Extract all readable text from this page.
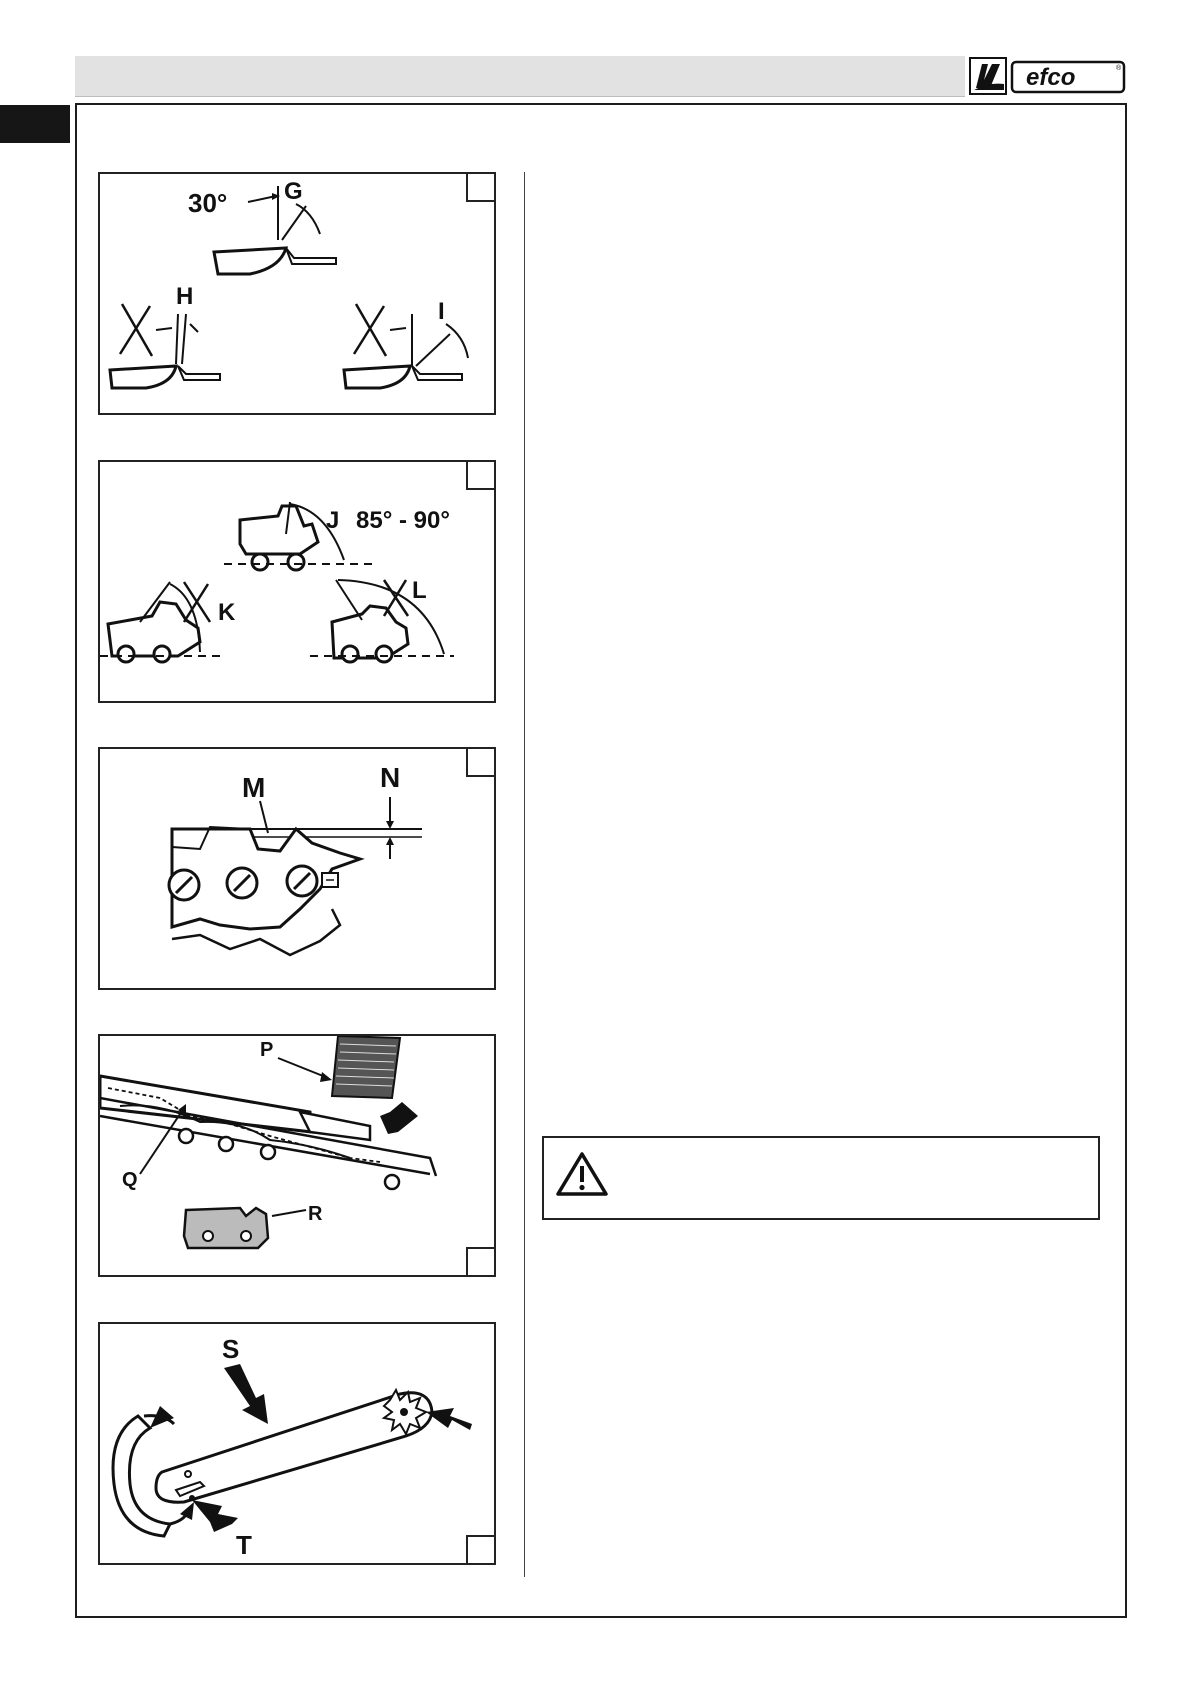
efco	®
30° G
H
I
J 85° - 90°
K
L
M	N
P
Q
R
S
T
